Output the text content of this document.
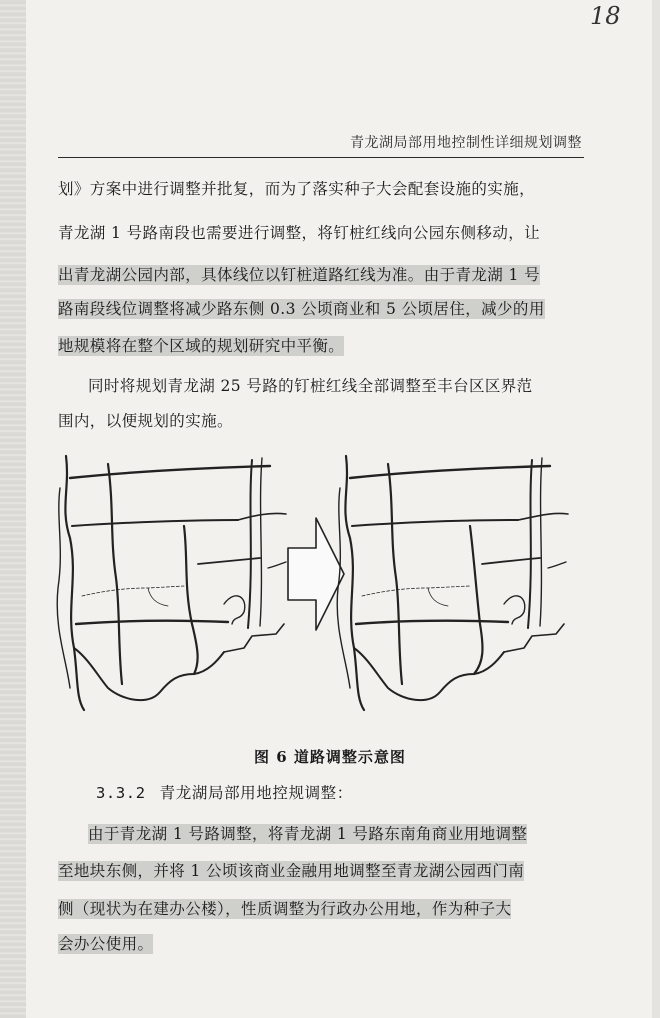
18
青龙湖局部用地控制性详细规划调整
划》方案中进行调整并批复，而为了落实种子大会配套设施的实施，
青龙湖 1 号路南段也需要进行调整，将钉桩红线向公园东侧移动，让
出青龙湖公园内部，具体线位以钉桩道路红线为准。由于青龙湖 1 号
路南段线位调整将减少路东侧 0.3 公顷商业和 5 公顷居住，减少的用
地规模将在整个区域的规划研究中平衡。
同时将规划青龙湖 25 号路的钉桩红线全部调整至丰台区区界范
围内，以便规划的实施。
图 6 道路调整示意图
3.3.2 青龙湖局部用地控规调整：
由于青龙湖 1 号路调整，将青龙湖 1 号路东南角商业用地调整
至地块东侧，并将 1 公顷该商业金融用地调整至青龙湖公园西门南
侧（现状为在建办公楼），性质调整为行政办公用地，作为种子大
会办公使用。
